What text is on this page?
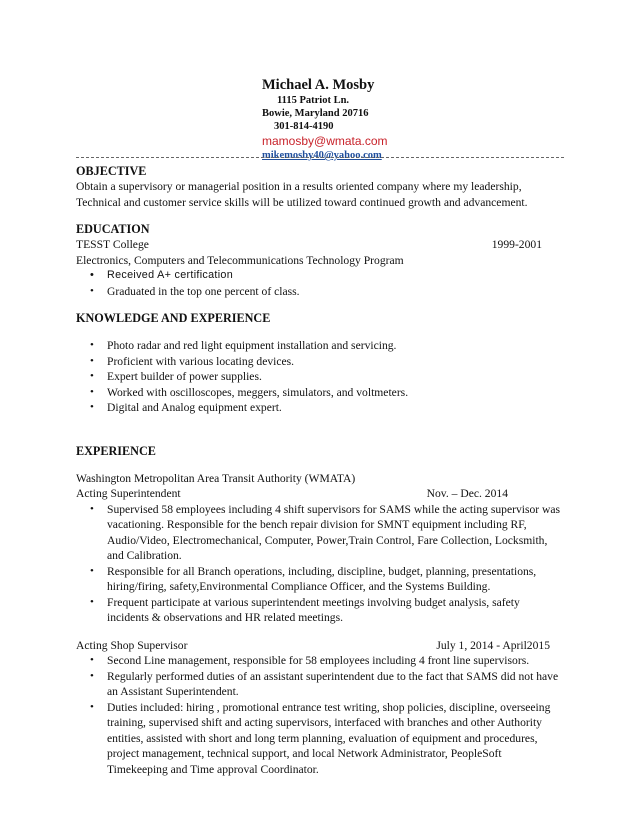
Michael A. Mosby

1115 Patriot Ln.

Bowie, Maryland 20716

301-814-4190

mamosby@wmata.com

mikemosby40@yahoo.com

OBJECTIVE

Obtain a supervisory or managerial position in a results oriented company where my leadership,

Technical and customer service skills will be utilized toward continued growth and advancement.

EDUCATION

TESST College	1999-2001

Electronics, Computers and Telecommunications Technology Program

• Received A+ certification
• Graduated in the top one percent of class.

KNOWLEDGE AND EXPERIENCE

• Photo radar and red light equipment installation and servicing.
• Proficient with various locating devices.
• Expert builder of power supplies.
• Worked with oscilloscopes, meggers, simulators, and voltmeters.
• Digital and Analog equipment expert.

EXPERIENCE

Washington Metropolitan Area Transit Authority (WMATA)

Acting Superintendent	Nov. – Dec. 2014
• Supervised 58 employees including 4 shift supervisors for SAMS while the acting supervisor was
vacationing. Responsible for the bench repair division for SMNT equipment including RF,
Audio/Video, Electromechanical, Computer, Power,Train Control, Fare Collection, Locksmith,
and Calibration.
• Responsible for all Branch operations, including, discipline, budget, planning, presentations,
hiring/firing, safety,Environmental Compliance Officer, and the Systems Building.
• Frequent participate at various superintendent meetings involving budget analysis, safety
incidents & observations and HR related meetings.
Acting Shop Supervisor	July 1, 2014 - April2015
• Second Line management, responsible for 58 employees including 4 front line supervisors.
• Regularly performed duties of an assistant superintendent due to the fact that SAMS did not have
an Assistant Superintendent.
• Duties included: hiring , promotional entrance test writing, shop policies, discipline, overseeing
training, supervised shift and acting supervisors, interfaced with branches and other Authority
entities, assisted with short and long term planning, evaluation of equipment and procedures,
project management, technical support, and local Network Administrator, PeopleSoft
Timekeeping and Time approval Coordinator.
